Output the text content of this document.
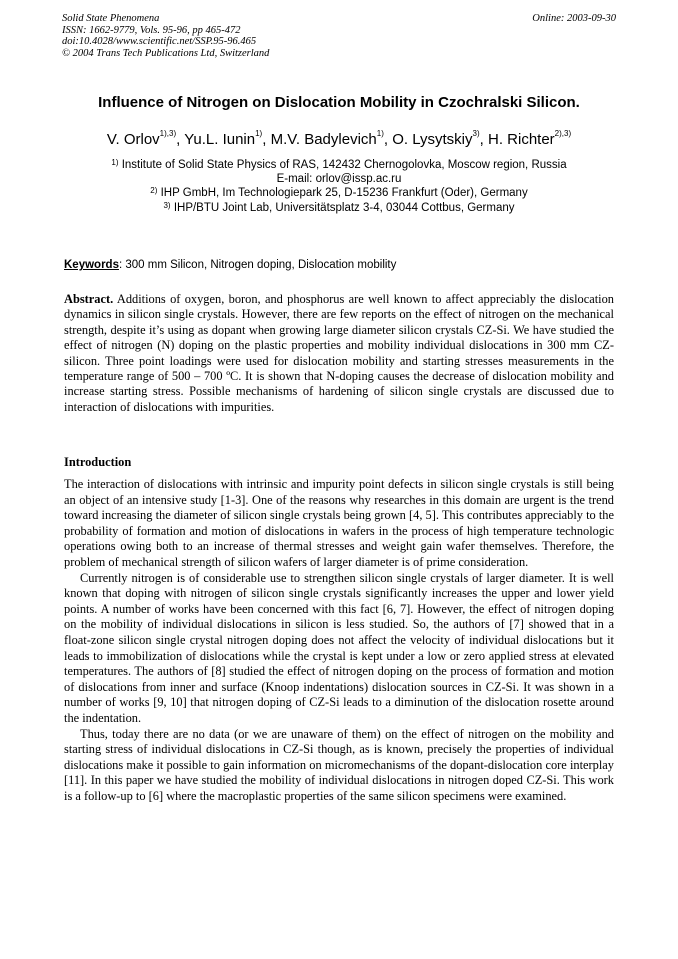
Solid State Phenomena
ISSN: 1662-9779, Vols. 95-96, pp 465-472
doi:10.4028/www.scientific.net/SSP.95-96.465
© 2004 Trans Tech Publications Ltd, Switzerland
Online: 2003-09-30
Influence of Nitrogen on Dislocation Mobility in Czochralski Silicon.
V. Orlov$^{1),3)}$, Yu.L. Iunin$^{1)}$, M.V. Badylevich$^{1)}$, O. Lysytskiy$^{3)}$, H. Richter$^{2),3)}$
$^{1)}$ Institute of Solid State Physics of RAS, 142432 Chernogolovka, Moscow region, Russia
E-mail: orlov@issp.ac.ru
$^{2)}$ IHP GmbH, Im Technologiepark 25, D-15236 Frankfurt (Oder), Germany
$^{3)}$ IHP/BTU Joint Lab, Universitätsplatz 3-4, 03044 Cottbus, Germany
Keywords: 300 mm Silicon, Nitrogen doping, Dislocation mobility
Abstract. Additions of oxygen, boron, and phosphorus are well known to affect appreciably the dislocation dynamics in silicon single crystals. However, there are few reports on the effect of nitrogen on the mechanical strength, despite it’s using as dopant when growing large diameter silicon crystals CZ-Si. We have studied the effect of nitrogen (N) doping on the plastic properties and mobility individual dislocations in 300 mm CZ-silicon. Three point loadings were used for dislocation mobility and starting stresses measurements in the temperature range of 500 – 700 ºC. It is shown that N-doping causes the decrease of dislocation mobility and increase starting stress. Possible mechanisms of hardening of silicon single crystals are discussed due to interaction of dislocations with impurities.
Introduction

The interaction of dislocations with intrinsic and impurity point defects in silicon single crystals is still being an object of an intensive study [1-3]. One of the reasons why researches in this domain are urgent is the trend toward increasing the diameter of silicon single crystals being grown [4, 5]. This contributes appreciably to the probability of formation and motion of dislocations in wafers in the process of high temperature technologic operations owing both to an increase of thermal stresses and weight gain wafer themselves. Therefore, the problem of mechanical strength of silicon wafers of larger diameter is of prime consideration.

Currently nitrogen is of considerable use to strengthen silicon single crystals of larger diameter. It is well known that doping with nitrogen of silicon single crystals significantly increases the upper and lower yield points. A number of works have been concerned with this fact [6, 7]. However, the effect of nitrogen doping on the mobility of individual dislocations in silicon is less studied. So, the authors of [7] showed that in a float-zone silicon single crystal nitrogen doping does not affect the velocity of individual dislocations but it leads to immobilization of dislocations while the crystal is kept under a low or zero applied stress at elevated temperatures. The authors of [8] studied the effect of nitrogen doping on the process of formation and motion of dislocations from inner and surface (Knoop indentations) dislocation sources in CZ-Si. It was shown in a number of works [9, 10] that nitrogen doping of CZ-Si leads to a diminution of the dislocation rosette around the indentation.

Thus, today there are no data (or we are unaware of them) on the effect of nitrogen on the mobility and starting stress of individual dislocations in CZ-Si though, as is known, precisely the properties of individual dislocations make it possible to gain information on micromechanisms of the dopant-dislocation core interplay [11]. In this paper we have studied the mobility of individual dislocations in nitrogen doped CZ-Si. This work is a follow-up to [6] where the macroplastic properties of the same silicon specimens were examined.
